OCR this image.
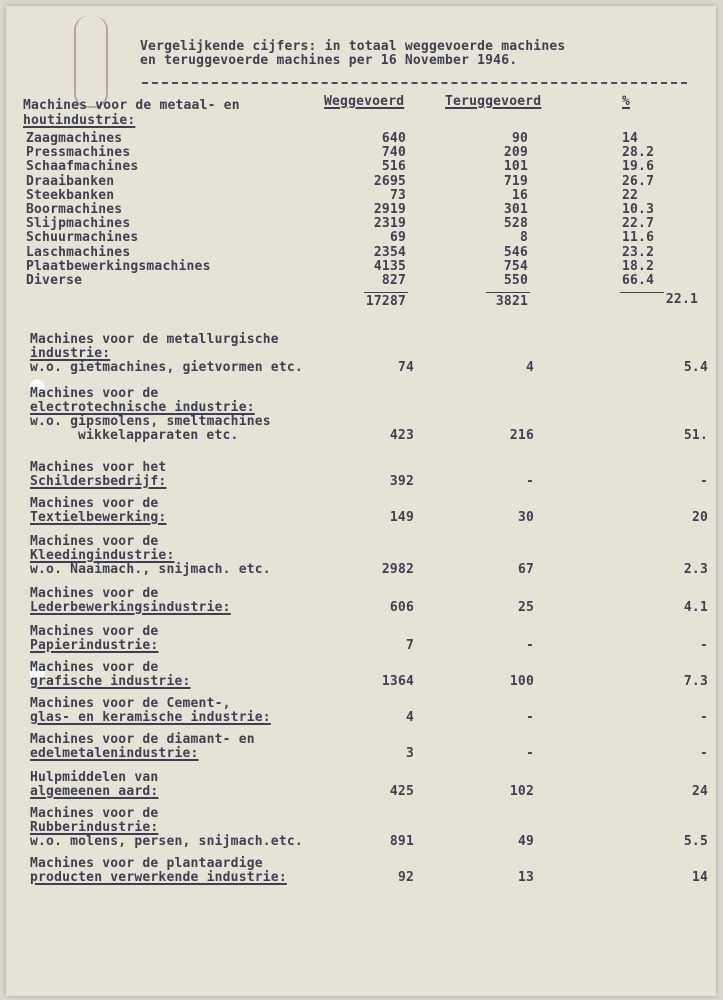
Vergelijkende cijfers: in totaal weggevoerde machines

en teruggevoerde machines per 16 November 1946.

Machines voor de metaal- en

houtindustrie:

Weggevoerd	Teruggevoerd	%

Zaagmachines	640	90	14

Pressmachines	740	209	28.2

Schaafmachines	516	101	19.6

Draaibanken	2695	719	26.7

Steekbanken	73	16	22

Boormachines	2919	301	10.3

Slijpmachines	2319	528	22.7

Schuurmachines	69	8	11.6

Laschmachines	2354	546	23.2

Plaatbewerkingsmachines	4135	754	18.2

Diverse	827	550	66.4

17287	3821	22.1

Machines voor de metallurgische

industrie:

w.o. gietmachines, gietvormen etc.	74	4	5.4

Machines voor de

electrotechnische industrie:

w.o. gipsmolens, smeltmachines

wikkelapparaten etc.	423	216	51.

Machines voor het

Schildersbedrijf:	392	-	-

Machines voor de

Textielbewerking:	149	30	20

Machines voor de

Kleedingindustrie:

w.o. Naaimach., snijmach. etc.	2982	67	2.3

Machines voor de

Lederbewerkingsindustrie:	606	25	4.1

Machines voor de

Papierindustrie:	7	-	-

Machines voor de

grafische industrie:	1364	100	7.3

Machines voor de Cement-,

glas- en keramische industrie:	4	-	-

Machines voor de diamant- en

edelmetalenindustrie:	3	-	-

Hulpmiddelen van

algemeenen aard:	425	102	24

Machines voor de

Rubberindustrie:

w.o. molens, persen, snijmach.etc.	891	49	5.5

Machines voor de plantaardige

producten verwerkende industrie:	92	13	14
